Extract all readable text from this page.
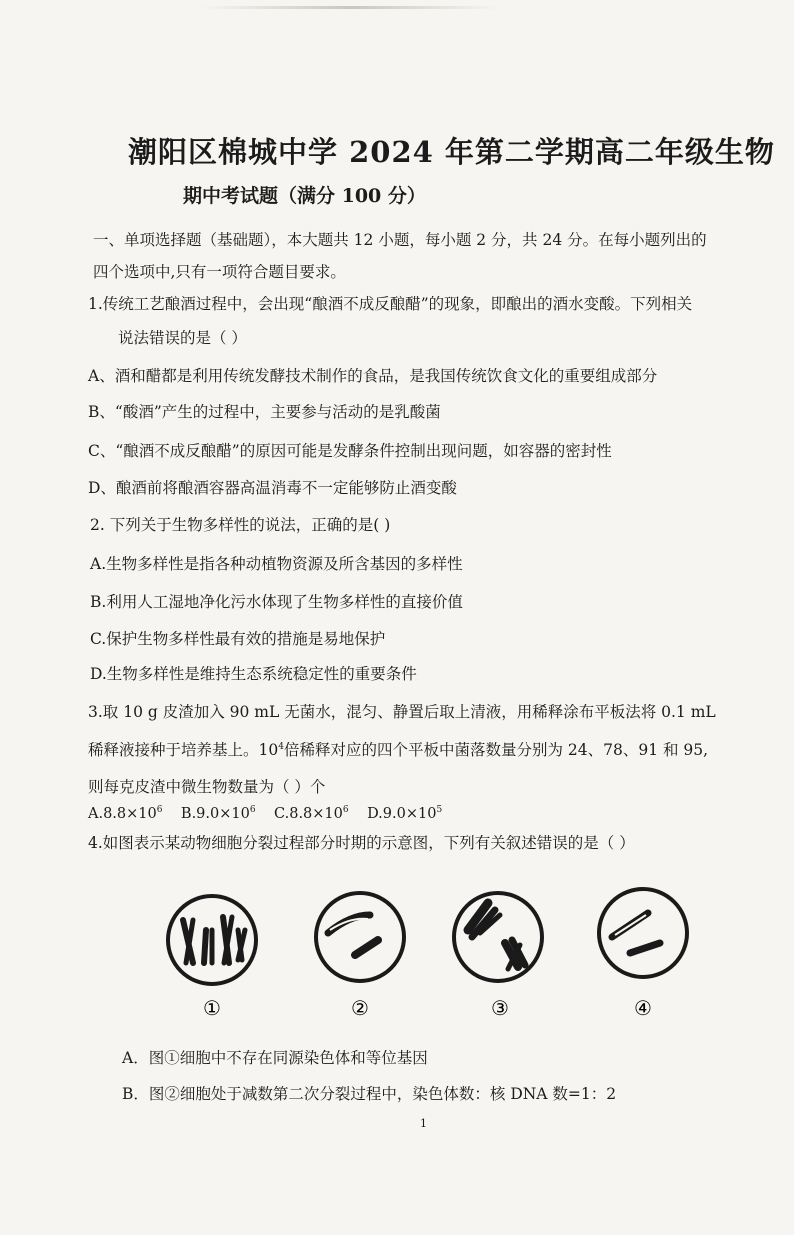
潮阳区棉城中学 2024 年第二学期高二年级生物
期中考试题（满分 100 分）
一、单项选择题（基础题），本大题共 12 小题，每小题 2 分，共 24 分。在每小题列出的
四个选项中,只有一项符合题目要求。
1.传统工艺酿酒过程中，会出现“酿酒不成反酿醋”的现象，即酿出的酒水变酸。下列相关
说法错误的是（ ）
A、酒和醋都是利用传统发酵技术制作的食品，是我国传统饮食文化的重要组成部分
B、“酸酒”产生的过程中，主要参与活动的是乳酸菌
C、“酿酒不成反酿醋”的原因可能是发酵条件控制出现问题，如容器的密封性
D、酿酒前将酿酒容器高温消毒不一定能够防止酒变酸
2. 下列关于生物多样性的说法，正确的是( )
A.生物多样性是指各种动植物资源及所含基因的多样性
B.利用人工湿地净化污水体现了生物多样性的直接价值
C.保护生物多样性最有效的措施是易地保护
D.生物多样性是维持生态系统稳定性的重要条件
3.取 10 g 皮渣加入 90 mL 无菌水，混匀、静置后取上清液，用稀释涂布平板法将 0.1 mL
稀释液接种于培养基上。$10^4$倍稀释对应的四个平板中菌落数量分别为 24、78、91 和 95,
则每克皮渣中微生物数量为（ ）个
$A.8.8\times 10^6$ $B.9.0\times 10^6$ $C.8.8\times 10^6$ $D.9.0\times 10^5$
4.如图表示某动物细胞分裂过程部分时期的示意图，下列有关叙述错误的是（ ）
①	②	③	④
A．图①细胞中不存在同源染色体和等位基因
B．图②细胞处于减数第二次分裂过程中，染色体数：核 DNA 数=1：2
1
